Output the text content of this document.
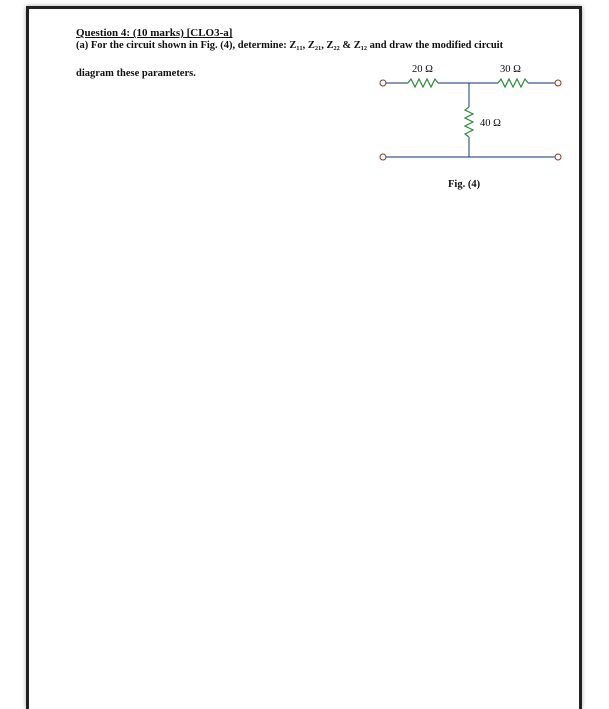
Question 4: (10 marks) [CLO3-a]
(a) For the circuit shown in Fig. (4), determine: Z₁₁, Z₂₁, Z₂₂ & Z₁₂ and draw the modified circuit
diagram these parameters.	20 Ω	30 Ω
40 Ω
Fig. (4)
